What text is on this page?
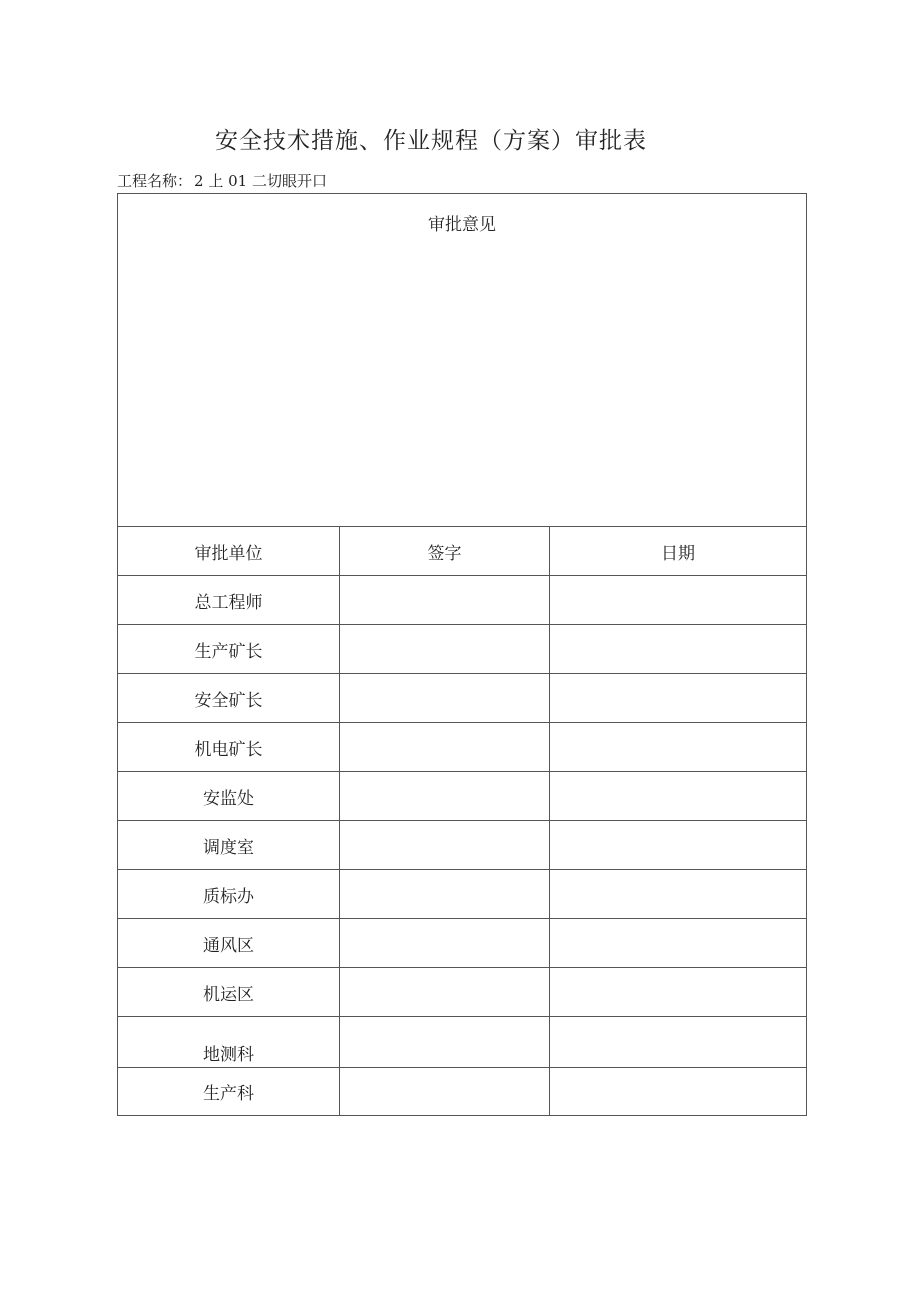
安全技术措施、作业规程（方案）审批表
工程名称： 2 上 01 二切眼开口
审批意见		

审批单位	签字	日期
总工程师		
生产矿长		
安全矿长		
机电矿长		
安监处		
调度室		
质标办		
通风区		
机运区		
地测科		
生产科		
